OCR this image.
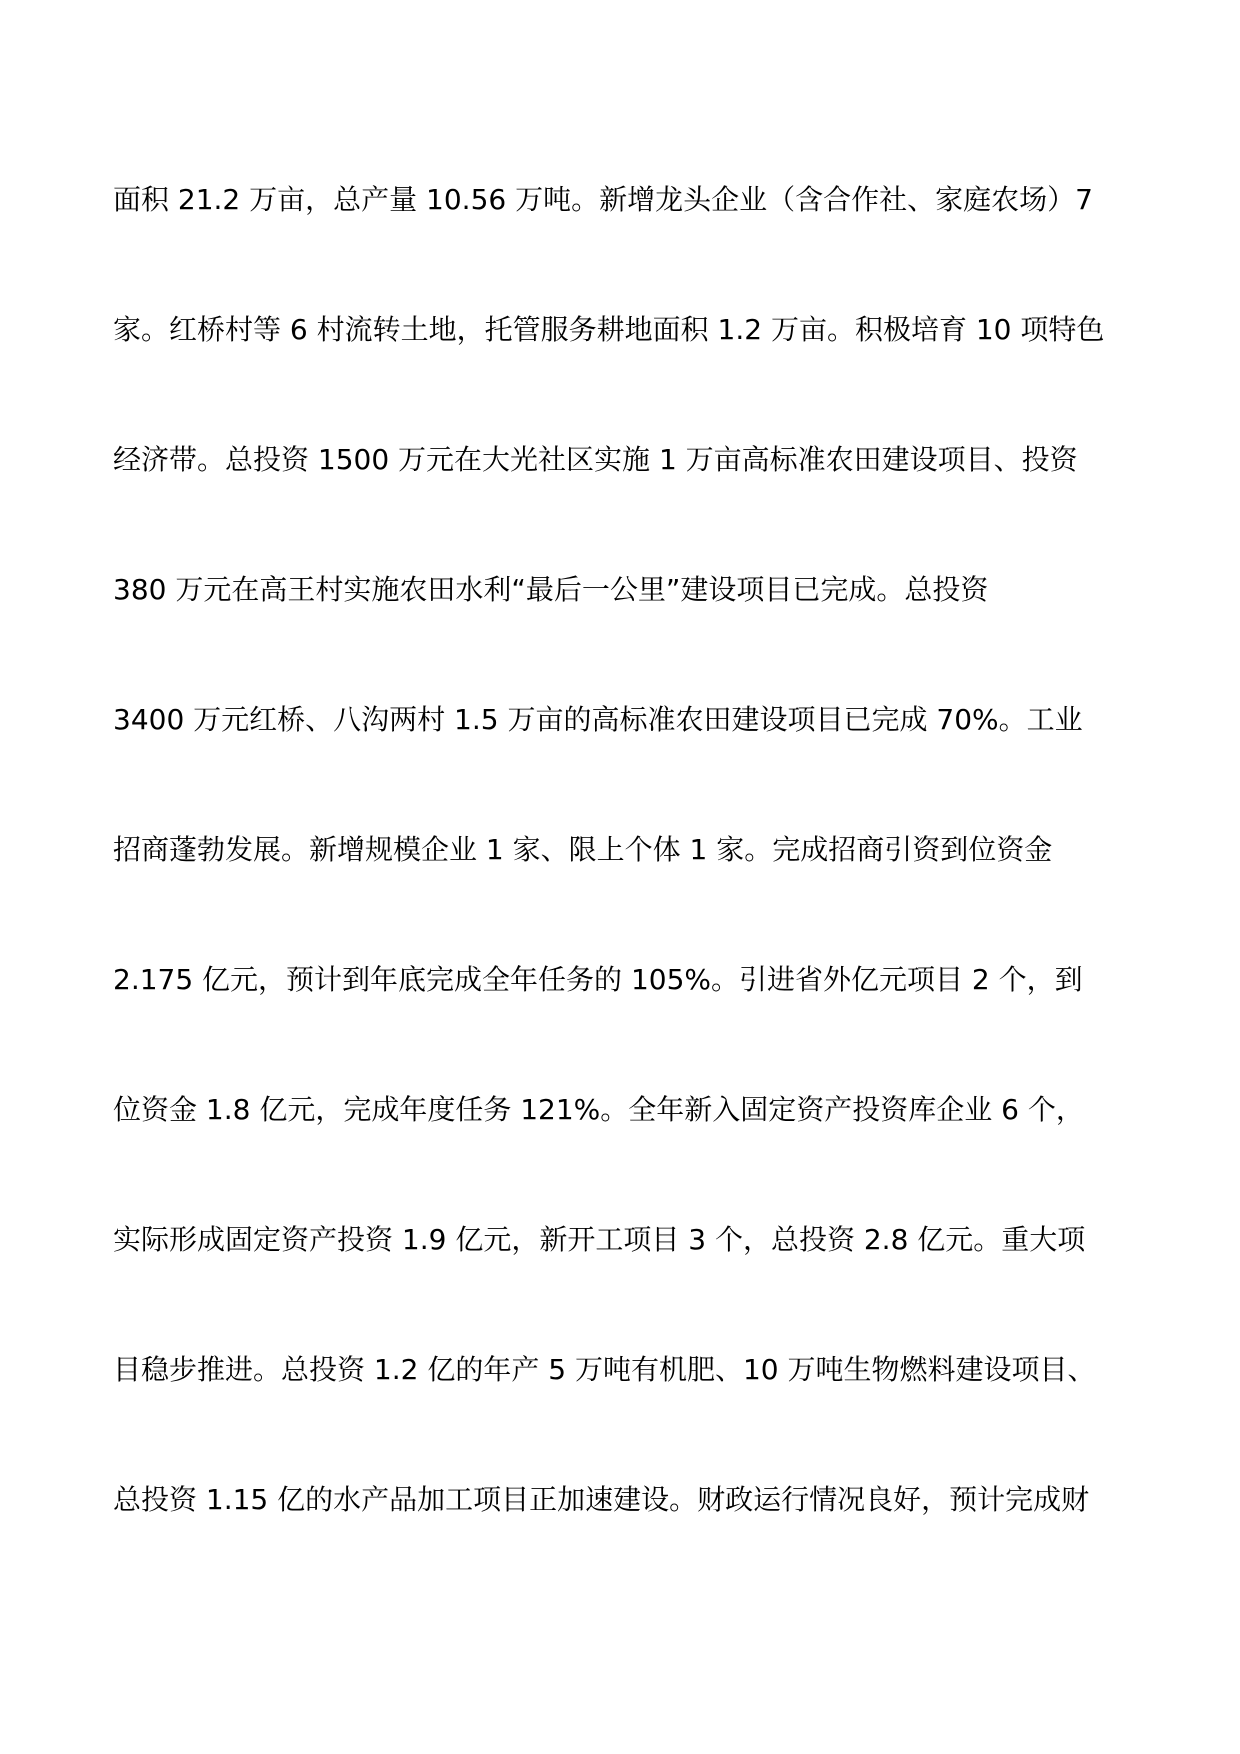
面积 21.2 万亩，总产量 10.56 万吨。新增龙头企业（含合作社、家庭农场）7
家。红桥村等 6 村流转土地，托管服务耕地面积 1.2 万亩。积极培育 10 项特色
经济带。总投资 1500 万元在大光社区实施 1 万亩高标准农田建设项目、投资
380 万元在高王村实施农田水利“最后一公里”建设项目已完成。总投资
3400 万元红桥、八沟两村 1.5 万亩的高标准农田建设项目已完成 70%。工业
招商蓬勃发展。新增规模企业 1 家、限上个体 1 家。完成招商引资到位资金
2.175 亿元，预计到年底完成全年任务的 105%。引进省外亿元项目 2 个，到
位资金 1.8 亿元，完成年度任务 121%。全年新入固定资产投资库企业 6 个，
实际形成固定资产投资 1.9 亿元，新开工项目 3 个，总投资 2.8 亿元。重大项
目稳步推进。总投资 1.2 亿的年产 5 万吨有机肥、10 万吨生物燃料建设项目、
总投资 1.15 亿的水产品加工项目正加速建设。财政运行情况良好，预计完成财
